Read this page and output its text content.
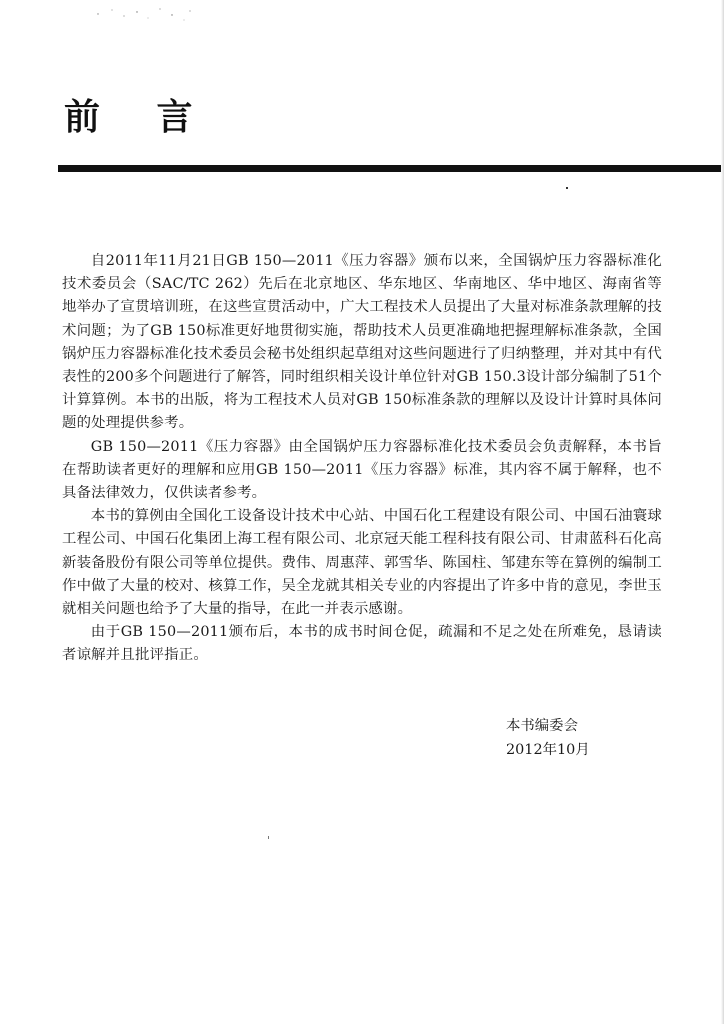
前 言

自2011年11月21日GB 150—2011《压力容器》颁布以来，全国锅炉压力容器标准化技术委员会（SAC/TC 262）先后在北京地区、华东地区、华南地区、华中地区、海南省等地举办了宣贯培训班，在这些宣贯活动中，广大工程技术人员提出了大量对标准条款理解的技术问题；为了GB 150标准更好地贯彻实施，帮助技术人员更准确地把握理解标准条款，全国锅炉压力容器标准化技术委员会秘书处组织起草组对这些问题进行了归纳整理，并对其中有代表性的200多个问题进行了解答，同时组织相关设计单位针对GB 150.3设计部分编制了51个计算算例。本书的出版，将为工程技术人员对GB 150标准条款的理解以及设计计算时具体问题的处理提供参考。

GB 150—2011《压力容器》由全国锅炉压力容器标准化技术委员会负责解释，本书旨在帮助读者更好的理解和应用GB 150—2011《压力容器》标准，其内容不属于解释，也不具备法律效力，仅供读者参考。

本书的算例由全国化工设备设计技术中心站、中国石化工程建设有限公司、中国石油寰球工程公司、中国石化集团上海工程有限公司、北京冠天能工程科技有限公司、甘肃蓝科石化高新装备股份有限公司等单位提供。费伟、周惠萍、郭雪华、陈国柱、邹建东等在算例的编制工作中做了大量的校对、核算工作，吴全龙就其相关专业的内容提出了许多中肯的意见，李世玉就相关问题也给予了大量的指导，在此一并表示感谢。

由于GB 150—2011颁布后，本书的成书时间仓促，疏漏和不足之处在所难免，恳请读者谅解并且批评指正。

本书编委会
2012年10月
